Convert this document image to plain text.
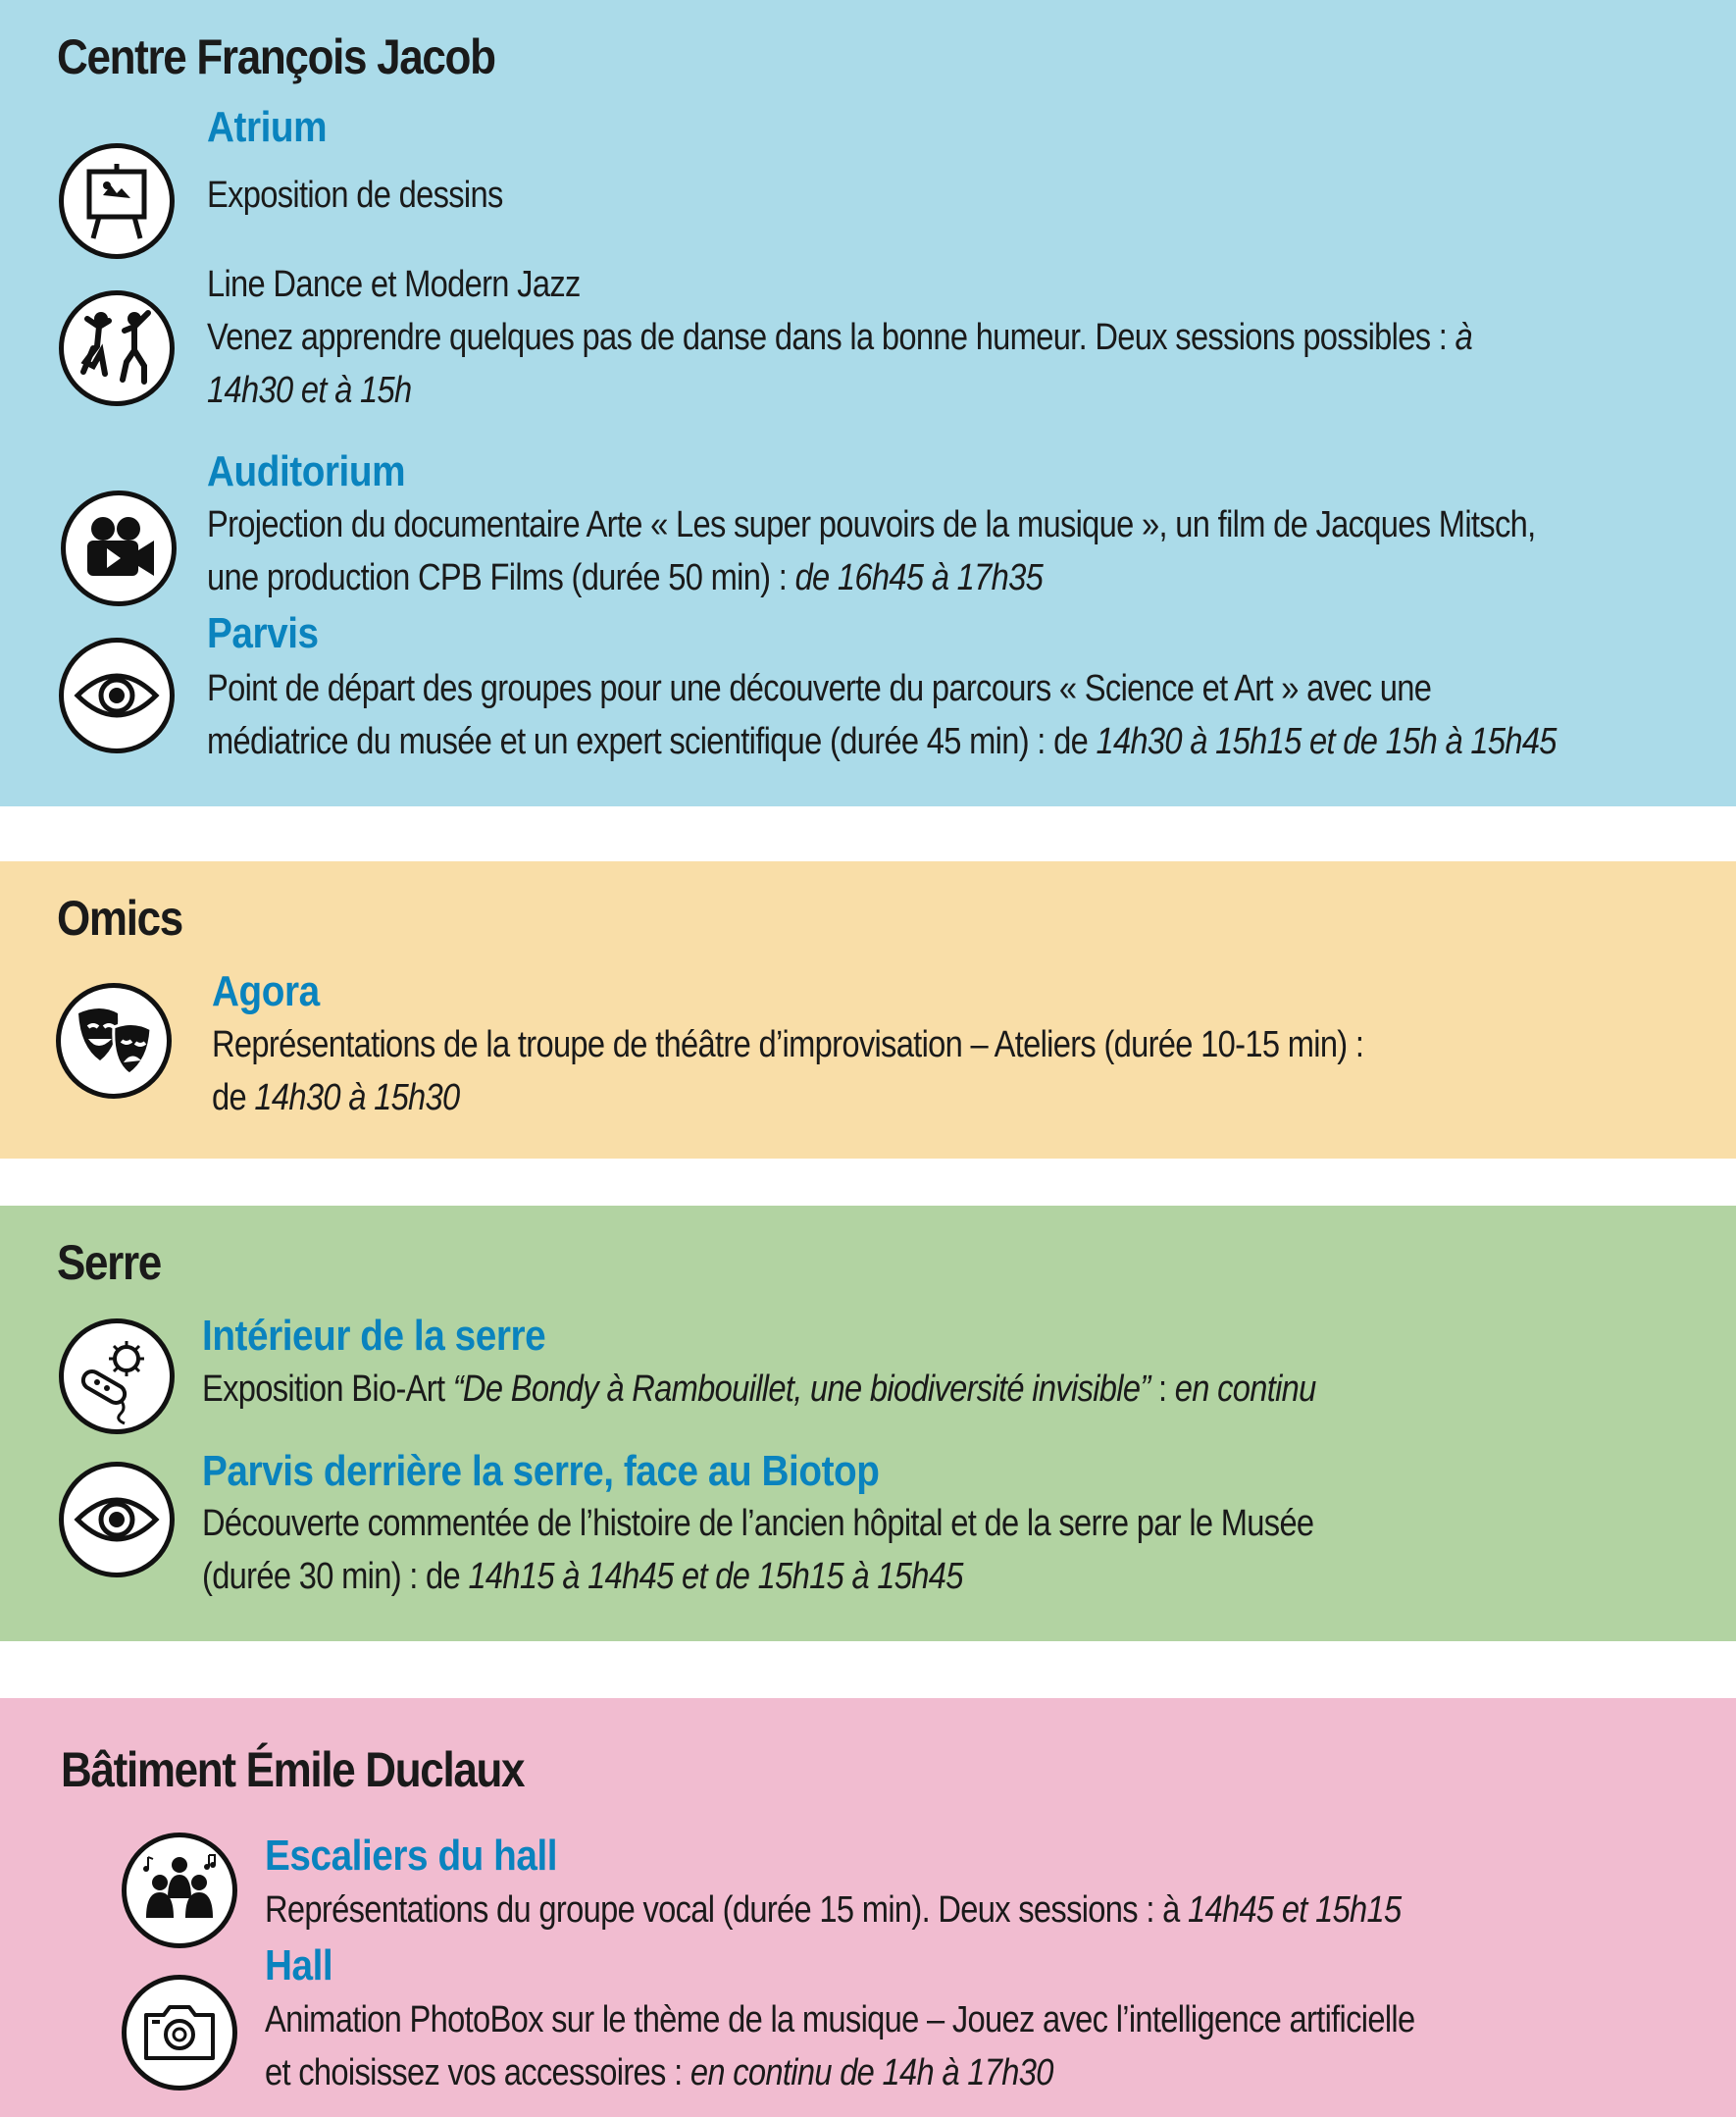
Centre François Jacob
Atrium
Exposition de dessins
Line Dance et Modern Jazz
Venez apprendre quelques pas de danse dans la bonne humeur. Deux sessions possibles : à
14h30 et à 15h
Auditorium
Projection du documentaire Arte « Les super pouvoirs de la musique », un film de Jacques Mitsch,
une production CPB Films (durée 50 min) : de 16h45 à 17h35
Parvis
Point de départ des groupes pour une découverte du parcours « Science et Art » avec une
médiatrice du musée et un expert scientifique (durée 45 min) : de 14h30 à 15h15 et de 15h à 15h45
Omics
Agora
Représentations de la troupe de théâtre d’improvisation – Ateliers (durée 10-15 min) :
de 14h30 à 15h30
Serre
Intérieur de la serre
Exposition Bio-Art “De Bondy à Rambouillet, une biodiversité invisible” : en continu
Parvis derrière la serre, face au Biotop
Découverte commentée de l’histoire de l’ancien hôpital et de la serre par le Musée
(durée 30 min) : de 14h15 à 14h45 et de 15h15 à 15h45
Bâtiment Émile Duclaux
Escaliers du hall
Représentations du groupe vocal (durée 15 min). Deux sessions : à 14h45 et 15h15
Hall
Animation PhotoBox sur le thème de la musique – Jouez avec l’intelligence artificielle
et choisissez vos accessoires : en continu de 14h à 17h30
